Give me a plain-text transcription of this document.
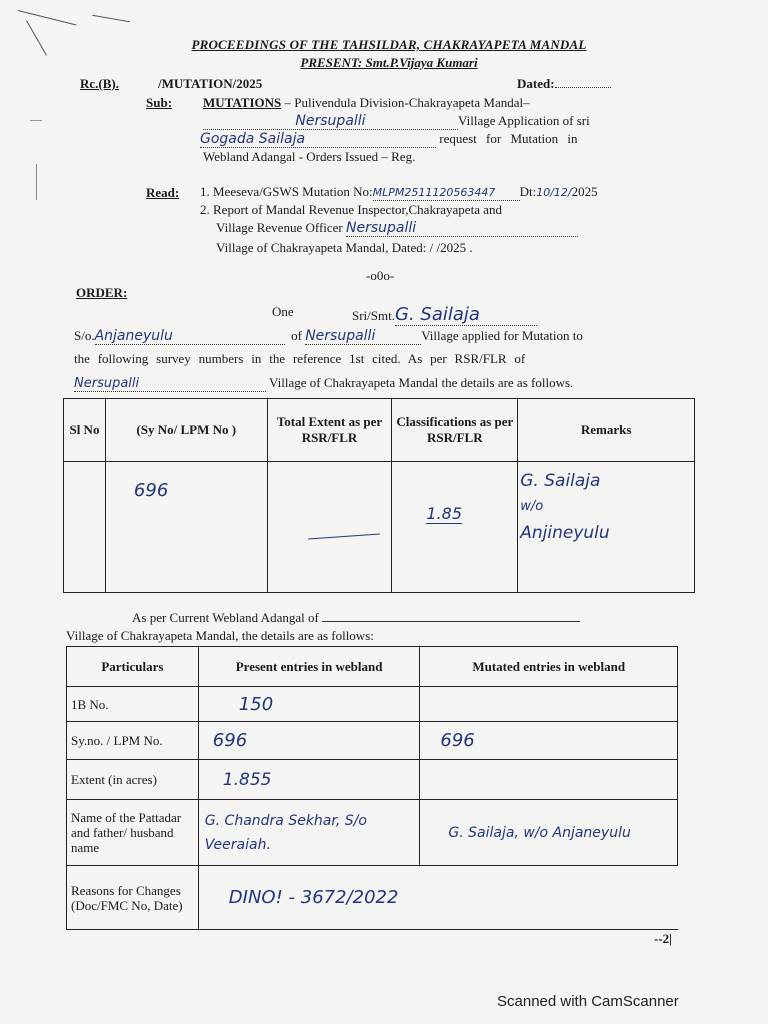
PROCEEDINGS OF THE TAHSILDAR, CHAKRAYAPETA MANDAL
PRESENT: Smt.P.Vijaya Kumari
Rc.(B).	/MUTATION/2025	Dated:
Sub: MUTATIONS – Pulivendula Division-Chakrayapeta Mandal–
Nersupalli	Village Application of sri
Gogada Sailaja	request for Mutation in
Webland Adangal - Orders Issued – Reg.
Read: 1. Meeseva/GSWS Mutation No:MLPM2511120563447 Dt:10/12/2025
2. Report of Mandal Revenue Inspector,Chakrayapeta and
Village Revenue Officer Nersupalli
Village of Chakrayapeta Mandal, Dated: / /2025 .
-o0o-
ORDER:
One	Sri/Smt.G. Sailaja
S/o.Anjaneyulu	of Nersupalli	Village applied for Mutation to
the following survey numbers in the reference 1st cited. As per RSR/FLR of
Nersupalli	Village of Chakrayapeta Mandal the details are as follows.
Sl No	(Sy No/ LPM No )	Total Extent as per RSR/FLR	Classifications as per RSR/FLR	Remarks
	696		1.85	G. Sailaja
w/o
Anjineyulu
As per Current Webland Adangal of
Village of Chakrayapeta Mandal, the details are as follows:
Particulars	Present entries in webland	Mutated entries in webland
1B No.	150	
Sy.no. / LPM No.	696	696
Extent (in acres)	1.855	
Name of the Pattadar and father/ husband name	G. Chandra Sekhar, S/o Veeraiah.	G. Sailaja, w/o Anjaneyulu
Reasons for Changes (Doc/FMC No, Date)	DINO! - 3672/2022	
--2|
Scanned with CamScanner
